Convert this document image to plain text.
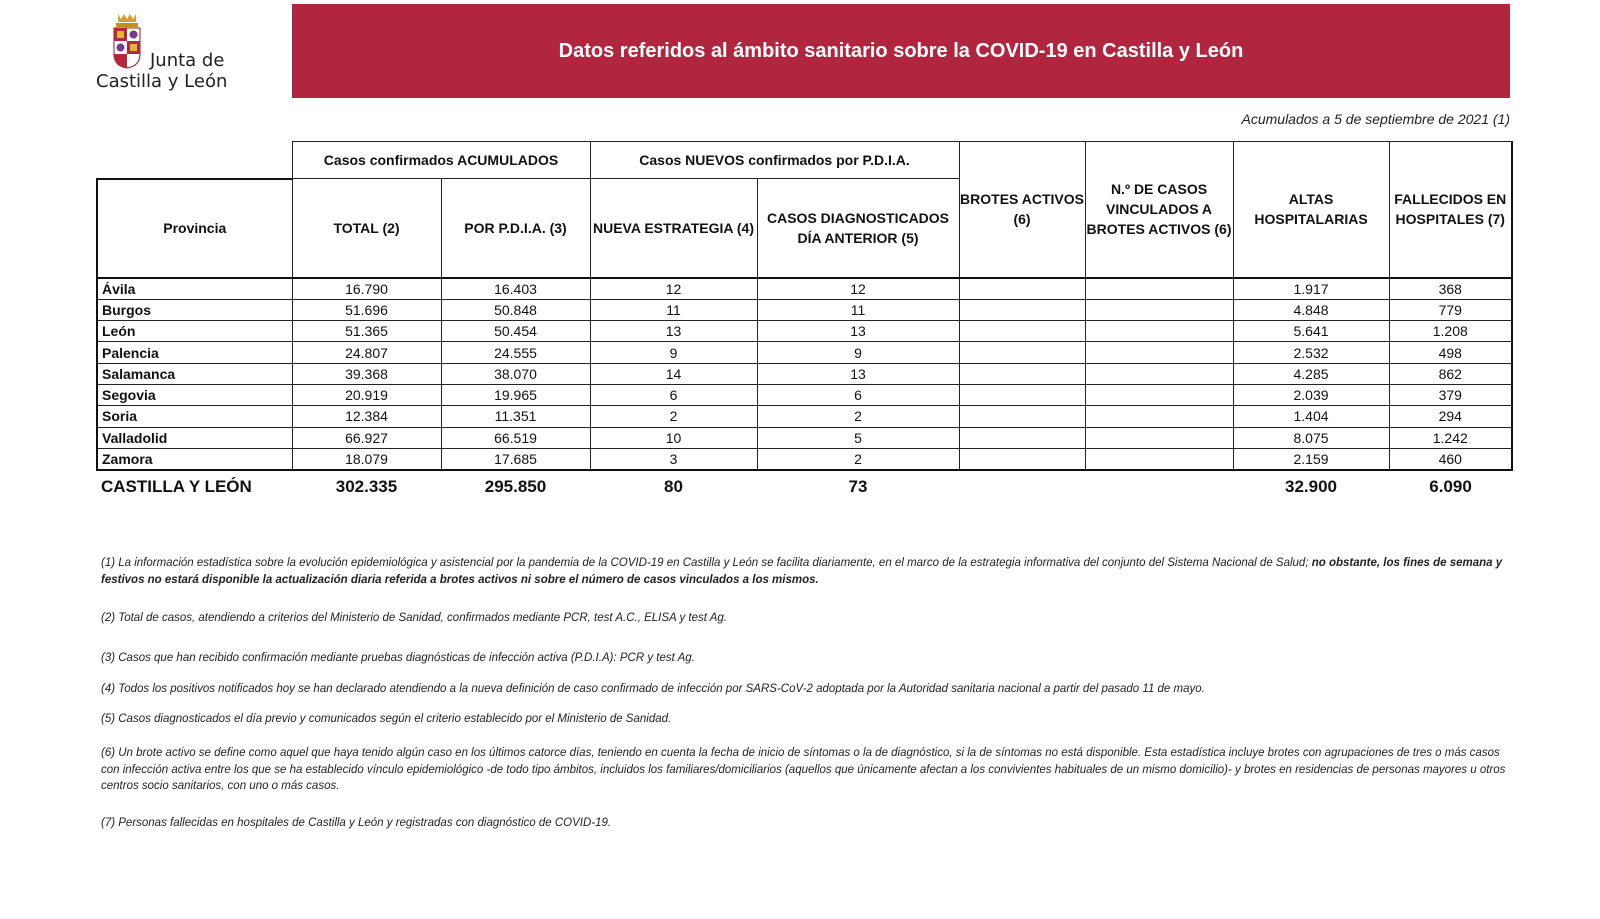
Junta de
Castilla y León
Datos referidos al ámbito sanitario sobre la COVID-19 en Castilla y León
Acumulados a 5 de septiembre de 2021 (1)
	Casos confirmados ACUMULADOS		Casos NUEVOS confirmados por P.D.I.A.		BROTES ACTIVOS (6)	N.º DE CASOS VINCULADOS A BROTES ACTIVOS (6)	ALTAS HOSPITALARIAS	FALLECIDOS EN HOSPITALES (7)
Provincia	TOTAL (2)	POR P.D.I.A. (3)	NUEVA ESTRATEGIA (4)	CASOS DIAGNOSTICADOS DÍA ANTERIOR (5)				
Ávila	16.790	16.403	12	12			1.917	368
Burgos	51.696	50.848	11	11			4.848	779
León	51.365	50.454	13	13			5.641	1.208
Palencia	24.807	24.555	9	9			2.532	498
Salamanca	39.368	38.070	14	13			4.285	862
Segovia	20.919	19.965	6	6			2.039	379
Soria	12.384	11.351	2	2			1.404	294
Valladolid	66.927	66.519	10	5			8.075	1.242
Zamora	18.079	17.685	3	2			2.159	460
CASTILLA Y LEÓN	302.335	295.850	80	73			32.900	6.090

(1) La información estadística sobre la evolución epidemiológica y asistencial por la pandemia de la COVID-19 en Castilla y León se facilita diariamente, en el marco de la estrategia informativa del conjunto del Sistema Nacional de Salud; no obstante, los fines de semana y festivos no estará disponible la actualización diaria referida a brotes activos ni sobre el número de casos vinculados a los mismos.

(2) Total de casos, atendiendo a criterios del Ministerio de Sanidad, confirmados mediante PCR, test A.C., ELISA y test Ag.

(3) Casos que han recibido confirmación mediante pruebas diagnósticas de infección activa (P.D.I.A): PCR y test Ag.

(4) Todos los positivos notificados hoy se han declarado atendiendo a la nueva definición de caso confirmado de infección por SARS-CoV-2 adoptada por la Autoridad sanitaria nacional a partir del pasado 11 de mayo.

(5) Casos diagnosticados el día previo y comunicados según el criterio establecido por el Ministerio de Sanidad.

(6) Un brote activo se define como aquel que haya tenido algún caso en los últimos catorce días, teniendo en cuenta la fecha de inicio de síntomas o la de diagnóstico, si la de síntomas no está disponible. Esta estadística incluye brotes con agrupaciones de tres o más casos con infección activa entre los que se ha establecido vínculo epidemiológico -de todo tipo ámbitos, incluidos los familiares/domiciliarios (aquellos que únicamente afectan a los convivientes habituales de un mismo domicilio)- y brotes en residencias de personas mayores u otros centros socio sanitarios, con uno o más casos.

(7) Personas fallecidas en hospitales de Castilla y León y registradas con diagnóstico de COVID-19.
